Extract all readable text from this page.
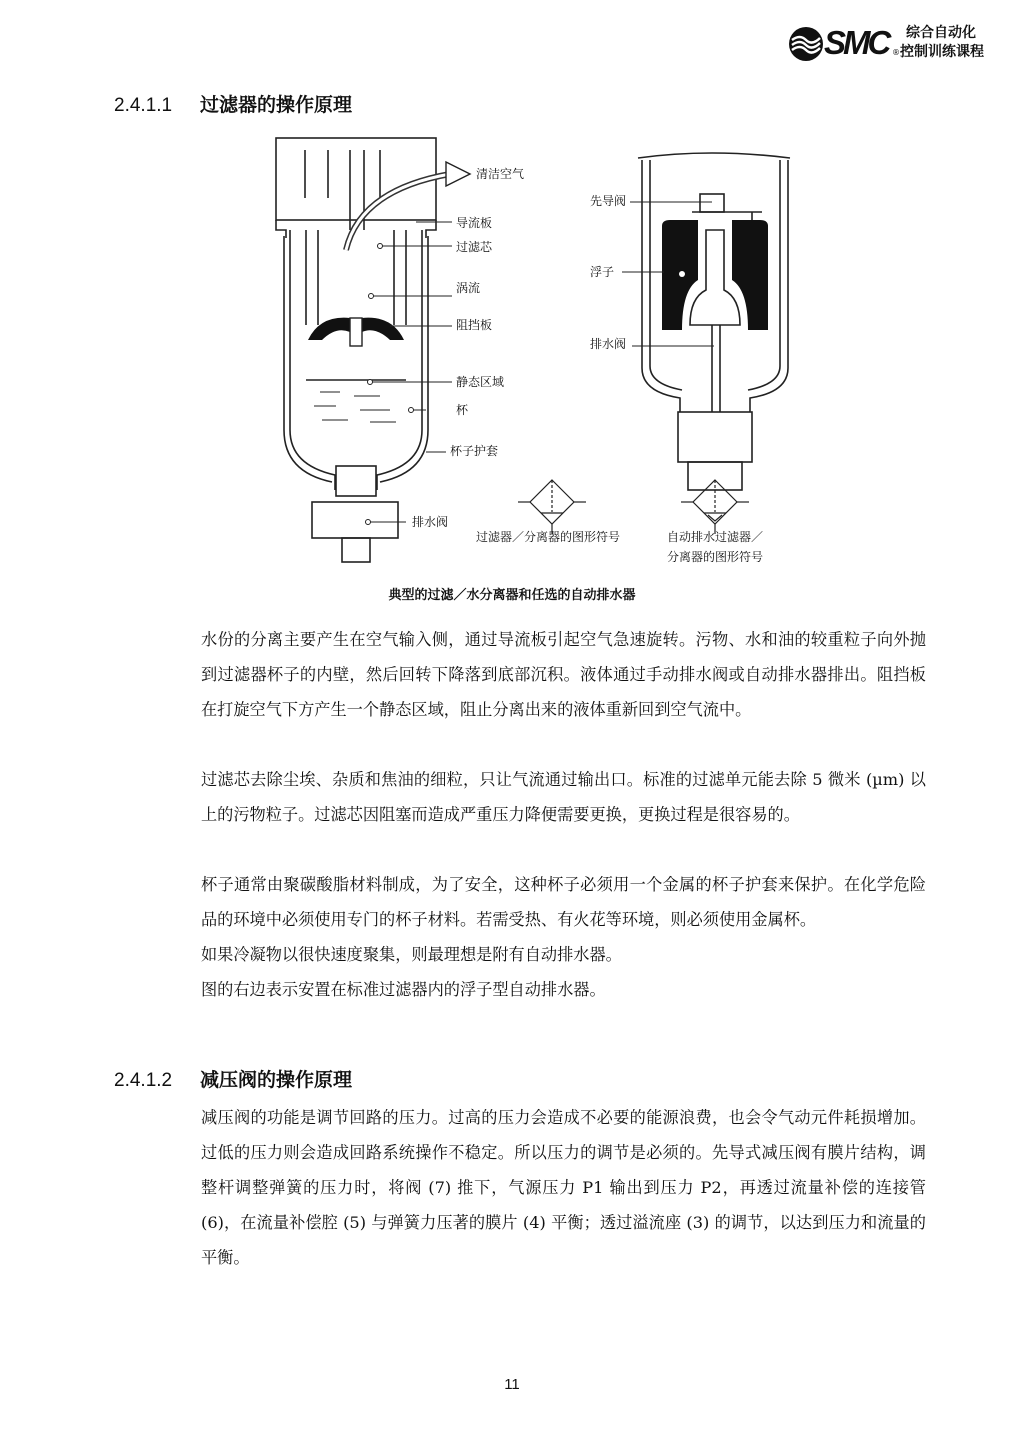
SMC ®
综合自动化
控制训练课程
2.4.1.1 过滤器的操作原理
清洁空气
导流板
过滤芯
涡流
阻挡板
静态区域
杯
杯子护套
排水阀
先导阀
浮子
排水阀
过滤器／分离器的图形符号	自动排水过滤器／
分离器的图形符号
典型的过滤／水分离器和任选的自动排水器

水份的分离主要产生在空气输入侧，通过导流板引起空气急速旋转。污物、水和油的较重粒子向外抛到过滤器杯子的内壁，然后回转下降落到底部沉积。液体通过手动排水阀或自动排水器排出。阻挡板在打旋空气下方产生一个静态区域，阻止分离出来的液体重新回到空气流中。

过滤芯去除尘埃、杂质和焦油的细粒，只让气流通过输出口。标准的过滤单元能去除 5 微米 (µm) 以上的污物粒子。过滤芯因阻塞而造成严重压力降便需要更换，更换过程是很容易的。

杯子通常由聚碳酸脂材料制成，为了安全，这种杯子必须用一个金属的杯子护套来保护。在化学危险品的环境中必须使用专门的杯子材料。若需受热、有火花等环境，则必须使用金属杯。

如果冷凝物以很快速度聚集，则最理想是附有自动排水器。

图的右边表示安置在标准过滤器内的浮子型自动排水器。

2.4.1.2 减压阀的操作原理

减压阀的功能是调节回路的压力。过高的压力会造成不必要的能源浪费，也会令气动元件耗损增加。过低的压力则会造成回路系统操作不稳定。所以压力的调节是必须的。先导式减压阀有膜片结构，调整杆调整弹簧的压力时，将阀 (7) 推下，气源压力 P1 输出到压力 P2，再透过流量补偿的连接管 (6)，在流量补偿腔 (5) 与弹簧力压著的膜片 (4) 平衡；透过溢流座 (3) 的调节，以达到压力和流量的平衡。

11
